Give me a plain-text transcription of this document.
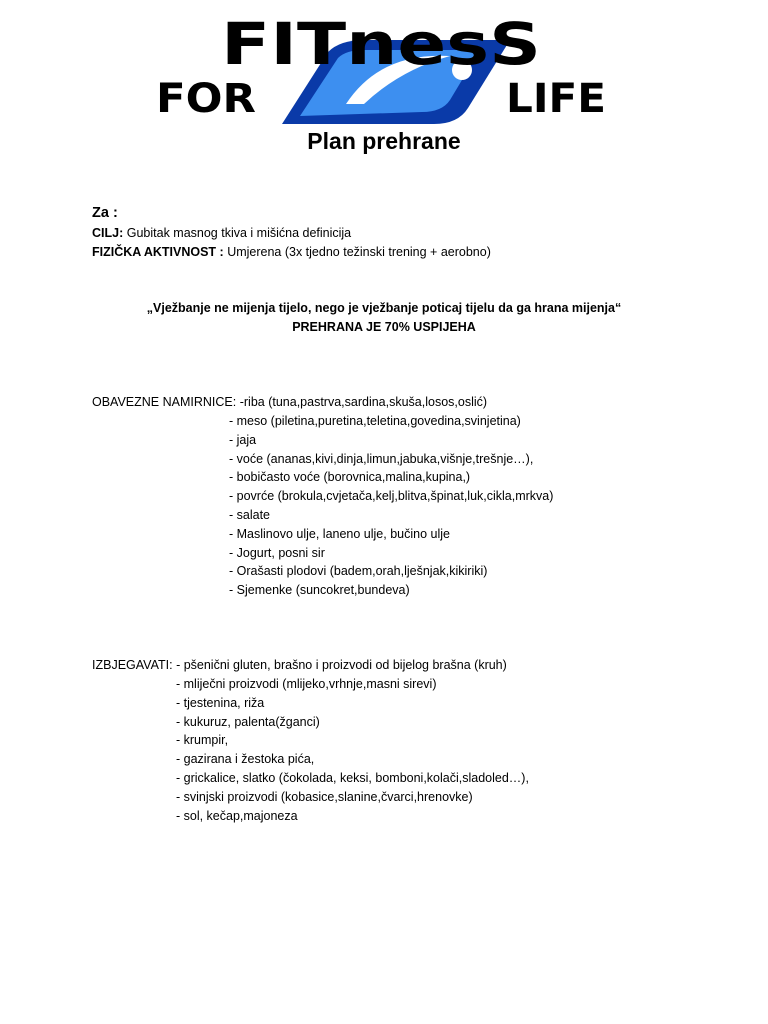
FITnesS
FOR	LIFE
Plan prehrane
Za :
CILJ: Gubitak masnog tkiva i mišićna definicija
FIZIČKA AKTIVNOST : Umjerena (3x tjedno težinski trening + aerobno)
„Vježbanje ne mijenja tijelo, nego je vježbanje poticaj tijelu da ga hrana mijenja“
PREHRANA JE 70% USPIJEHA
OBAVEZNE NAMIRNICE: -riba (tuna,pastrva,sardina,skuša,losos,oslić)
- meso (piletina,puretina,teletina,govedina,svinjetina)
- jaja
- voće (ananas,kivi,dinja,limun,jabuka,višnje,trešnje…),
- bobičasto voće (borovnica,malina,kupina,)
- povrće (brokula,cvjetača,kelj,blitva,špinat,luk,cikla,mrkva)
- salate
- Maslinovo ulje, laneno ulje, bučino ulje
- Jogurt, posni sir
- Orašasti plodovi (badem,orah,lješnjak,kikiriki)
- Sjemenke (suncokret,bundeva)
IZBJEGAVATI: - pšenični gluten, brašno i proizvodi od bijelog brašna (kruh)
- mliječni proizvodi (mlijeko,vrhnje,masni sirevi)
- tjestenina, riža
- kukuruz, palenta(žganci)
- krumpir,
- gazirana i žestoka pića,
- grickalice, slatko (čokolada, keksi, bomboni,kolači,sladoled…),
- svinjski proizvodi (kobasice,slanine,čvarci,hrenovke)
- sol, kečap,majoneza
